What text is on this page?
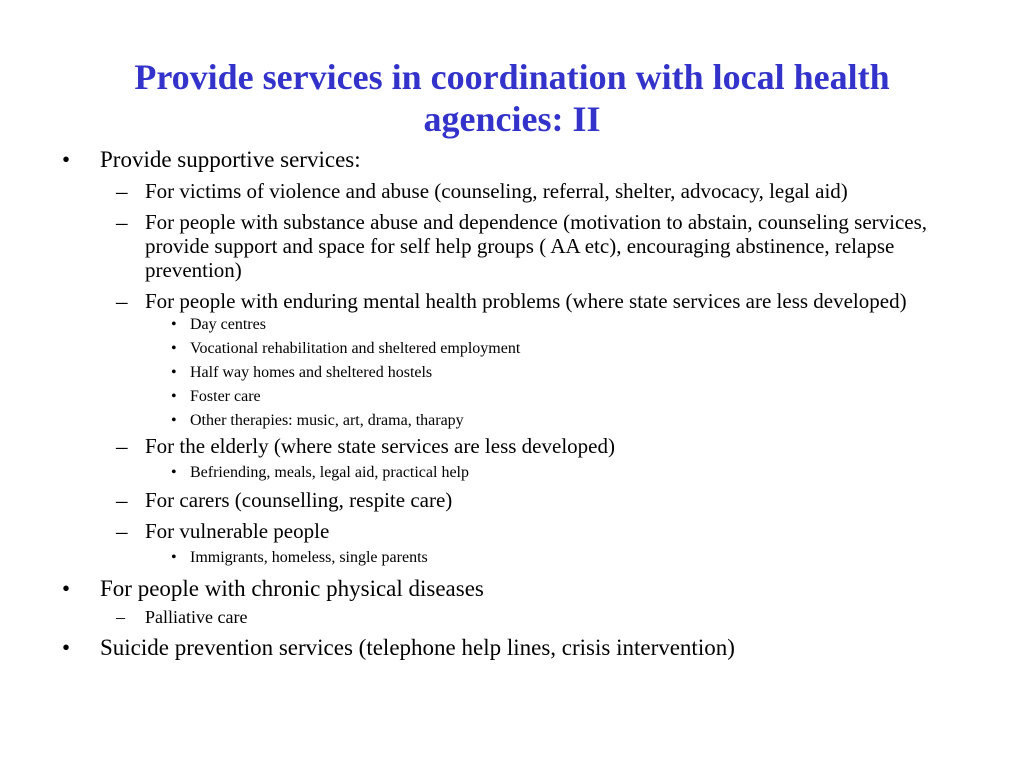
Provide services in coordination with local health agencies: II
• Provide supportive services:
– For victims of violence and abuse (counseling, referral, shelter, advocacy, legal aid)
– For people with substance abuse and dependence (motivation to abstain, counseling services, provide support and space for self help groups ( AA etc), encouraging abstinence, relapse prevention)
– For people with enduring mental health problems (where state services are less developed)
• Day centres
• Vocational rehabilitation and sheltered employment
• Half way homes and sheltered hostels
• Foster care
• Other therapies: music, art, drama, tharapy
– For the elderly (where state services are less developed)
• Befriending, meals, legal aid, practical help
– For carers (counselling, respite care)
– For vulnerable people
• Immigrants, homeless, single parents
• For people with chronic physical diseases
– Palliative care
• Suicide prevention services (telephone help lines, crisis intervention)
